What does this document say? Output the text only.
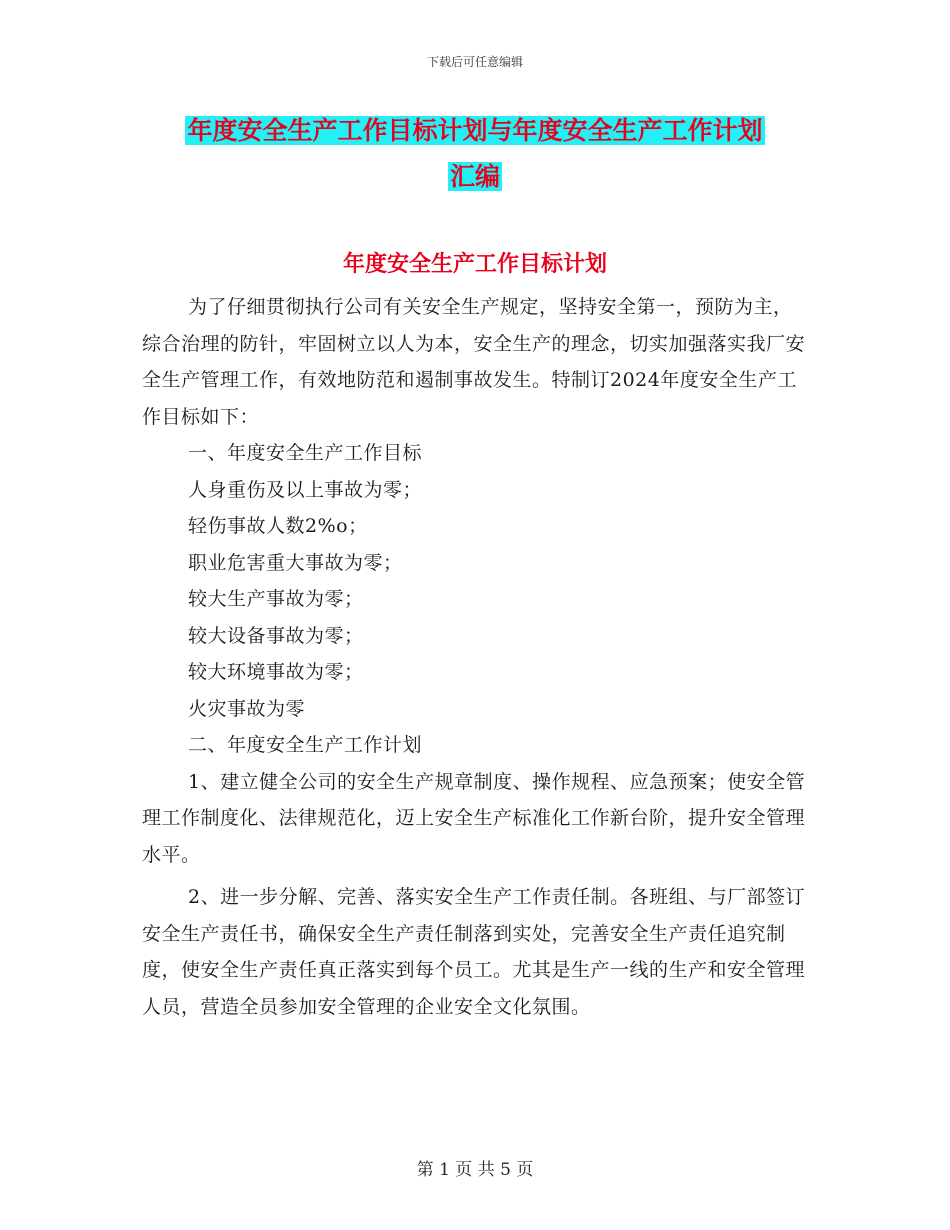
下载后可任意编辑
年度安全生产工作目标计划与年度安全生产工作计划
汇编
年度安全生产工作目标计划

为了仔细贯彻执行公司有关安全生产规定，坚持安全第一，预防为主，综合治理的防针，牢固树立以人为本，安全生产的理念，切实加强落实我厂安全生产管理工作，有效地防范和遏制事故发生。特制订2024年度安全生产工作目标如下：

一、年度安全生产工作目标

人身重伤及以上事故为零；

轻伤事故人数2%o；

职业危害重大事故为零；

较大生产事故为零；

较大设备事故为零；

较大环境事故为零；

火灾事故为零

二、年度安全生产工作计划

1、建立健全公司的安全生产规章制度、操作规程、应急预案；使安全管理工作制度化、法律规范化，迈上安全生产标准化工作新台阶，提升安全管理水平。

2、进一步分解、完善、落实安全生产工作责任制。各班组、与厂部签订安全生产责任书，确保安全生产责任制落到实处，完善安全生产责任追究制度，使安全生产责任真正落实到每个员工。尤其是生产一线的生产和安全管理人员，营造全员参加安全管理的企业安全文化氛围。

第 1 页 共 5 页
